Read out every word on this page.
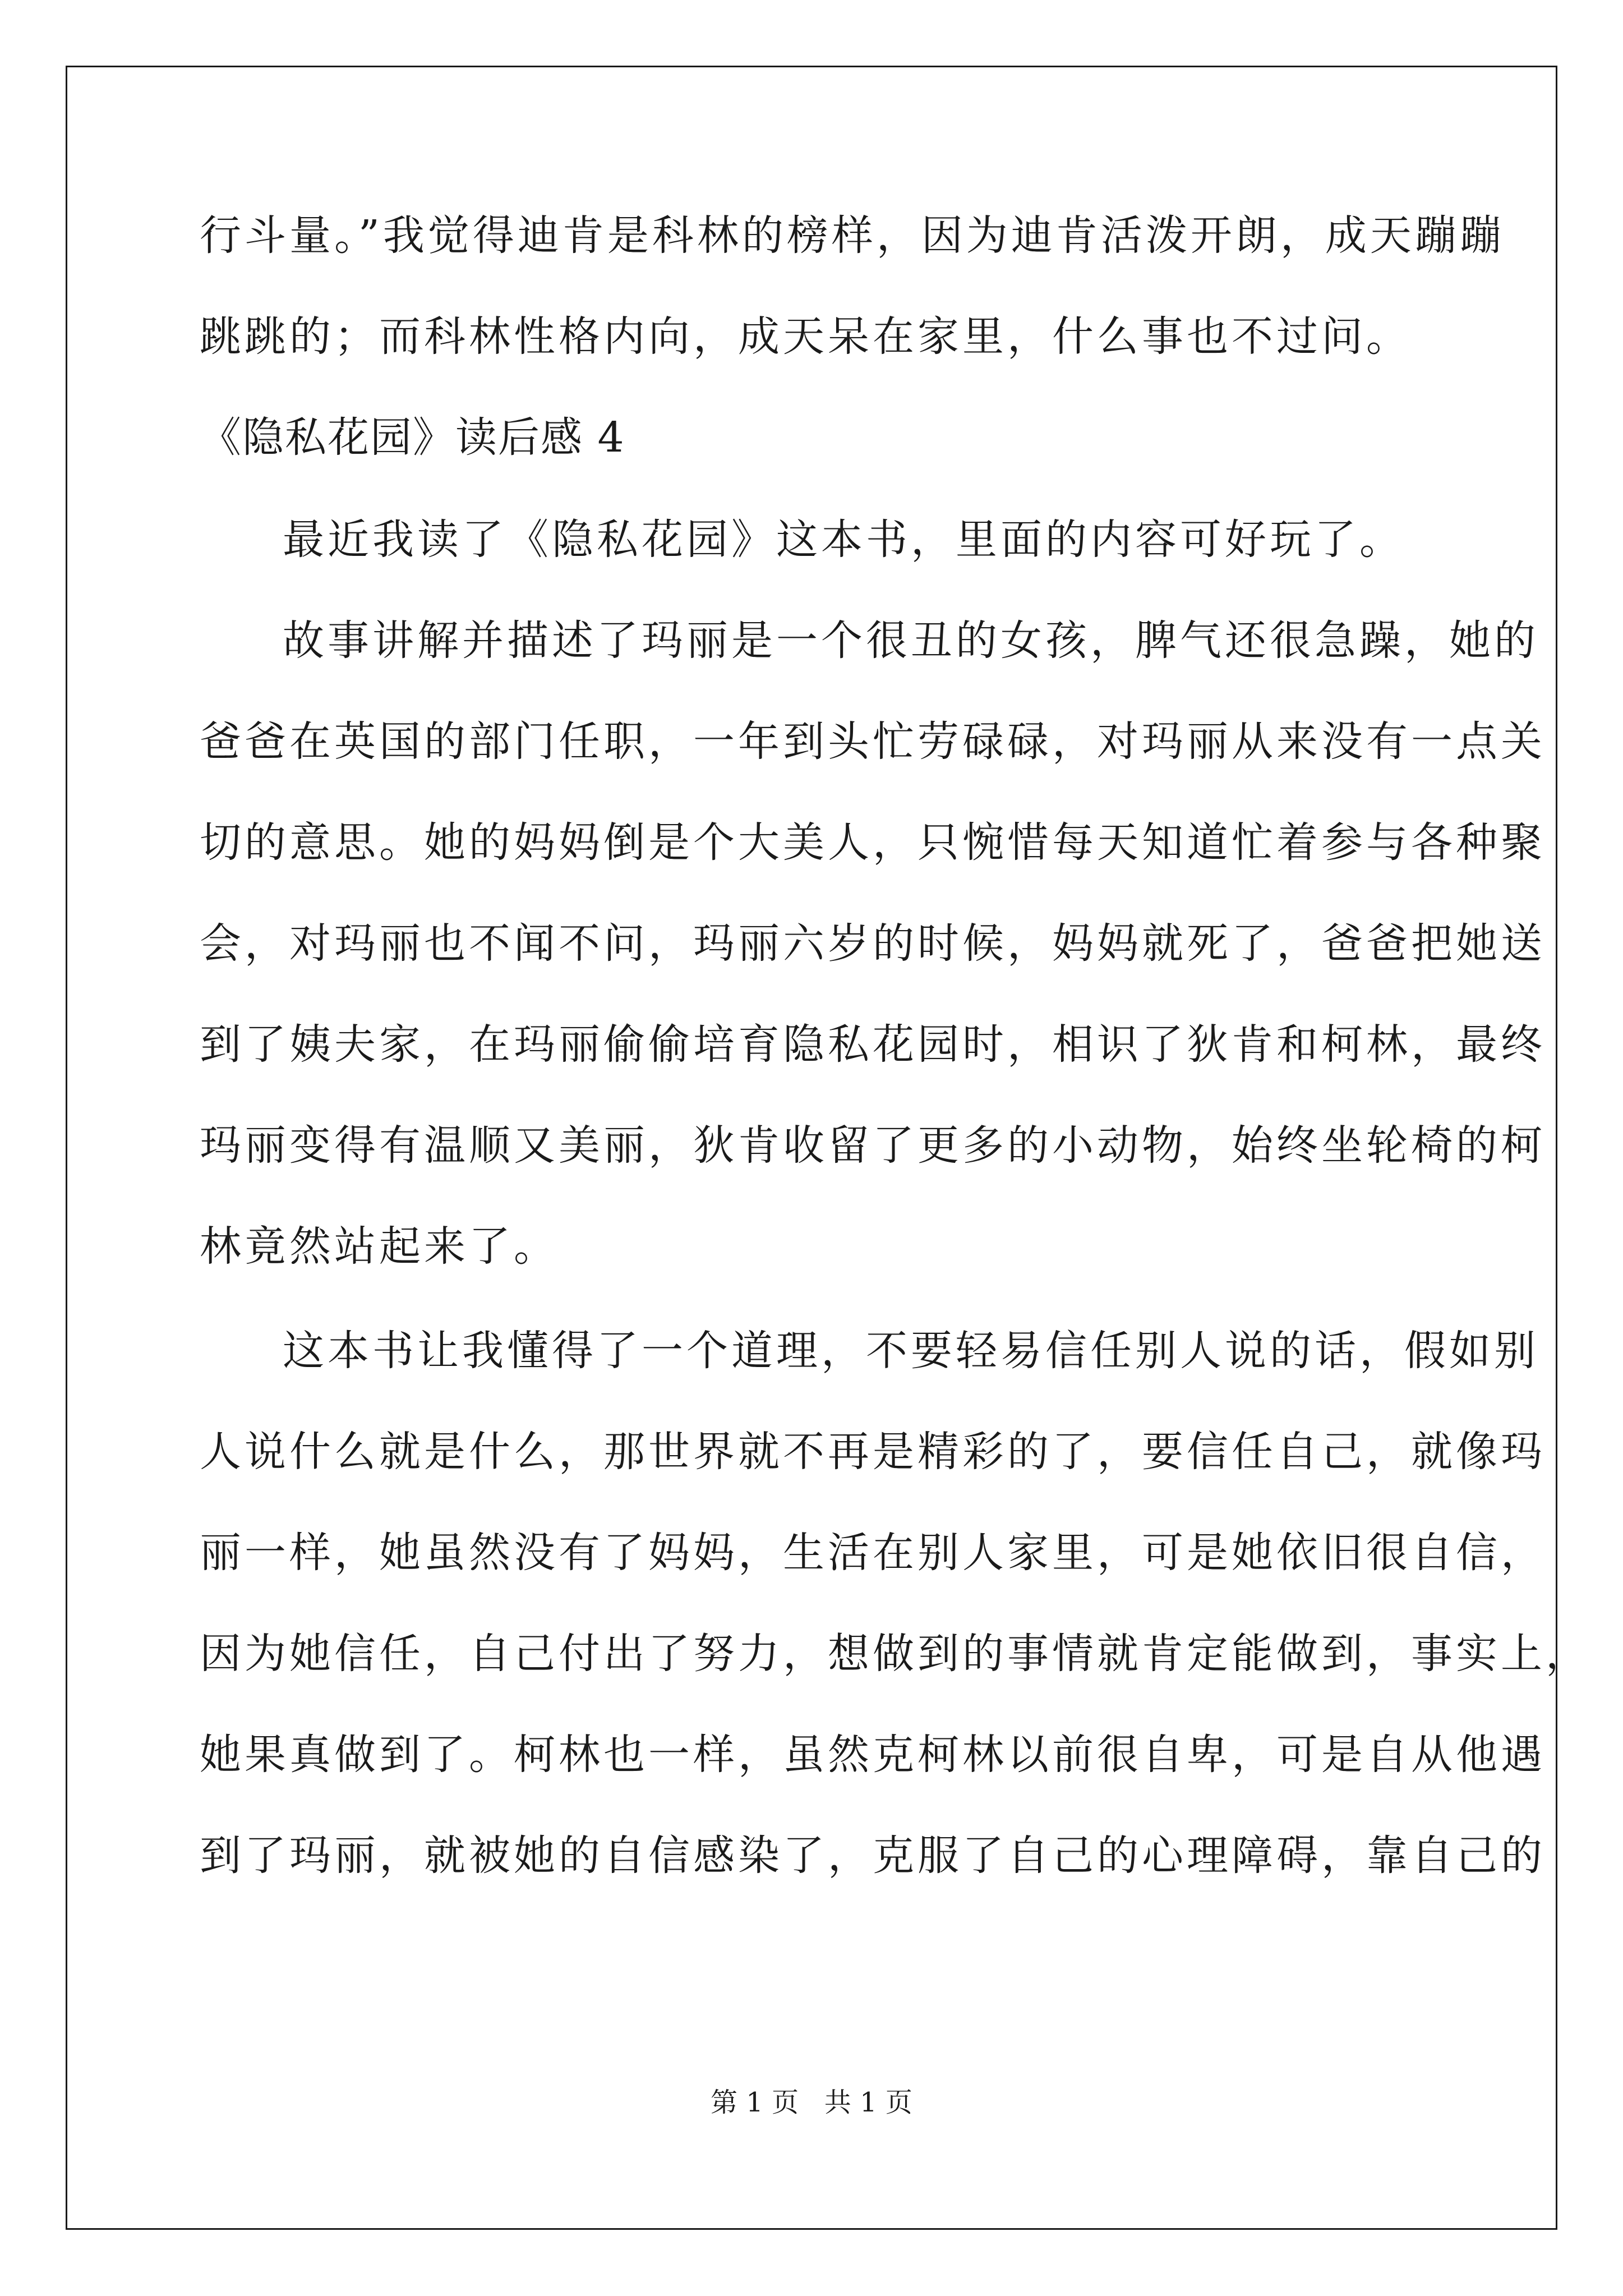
行斗量。”我觉得迪肯是科林的榜样，因为迪肯活泼开朗，成天蹦蹦

跳跳的；而科林性格内向，成天呆在家里，什么事也不过问。

《隐私花园》读后感 4

最近我读了《隐私花园》这本书，里面的内容可好玩了。

故事讲解并描述了玛丽是一个很丑的女孩，脾气还很急躁，她的

爸爸在英国的部门任职，一年到头忙劳碌碌，对玛丽从来没有一点关

切的意思。她的妈妈倒是个大美人，只惋惜每天知道忙着参与各种聚

会，对玛丽也不闻不问，玛丽六岁的时候，妈妈就死了，爸爸把她送

到了姨夫家，在玛丽偷偷培育隐私花园时，相识了狄肯和柯林，最终

玛丽变得有温顺又美丽，狄肯收留了更多的小动物，始终坐轮椅的柯

林竟然站起来了。

这本书让我懂得了一个道理，不要轻易信任别人说的话，假如别

人说什么就是什么，那世界就不再是精彩的了，要信任自己，就像玛

丽一样，她虽然没有了妈妈，生活在别人家里，可是她依旧很自信，

因为她信任，自己付出了努力，想做到的事情就肯定能做到，事实上，

她果真做到了。柯林也一样，虽然克柯林以前很自卑，可是自从他遇

到了玛丽，就被她的自信感染了，克服了自己的心理障碍，靠自己的

第 1 页   共 1 页
